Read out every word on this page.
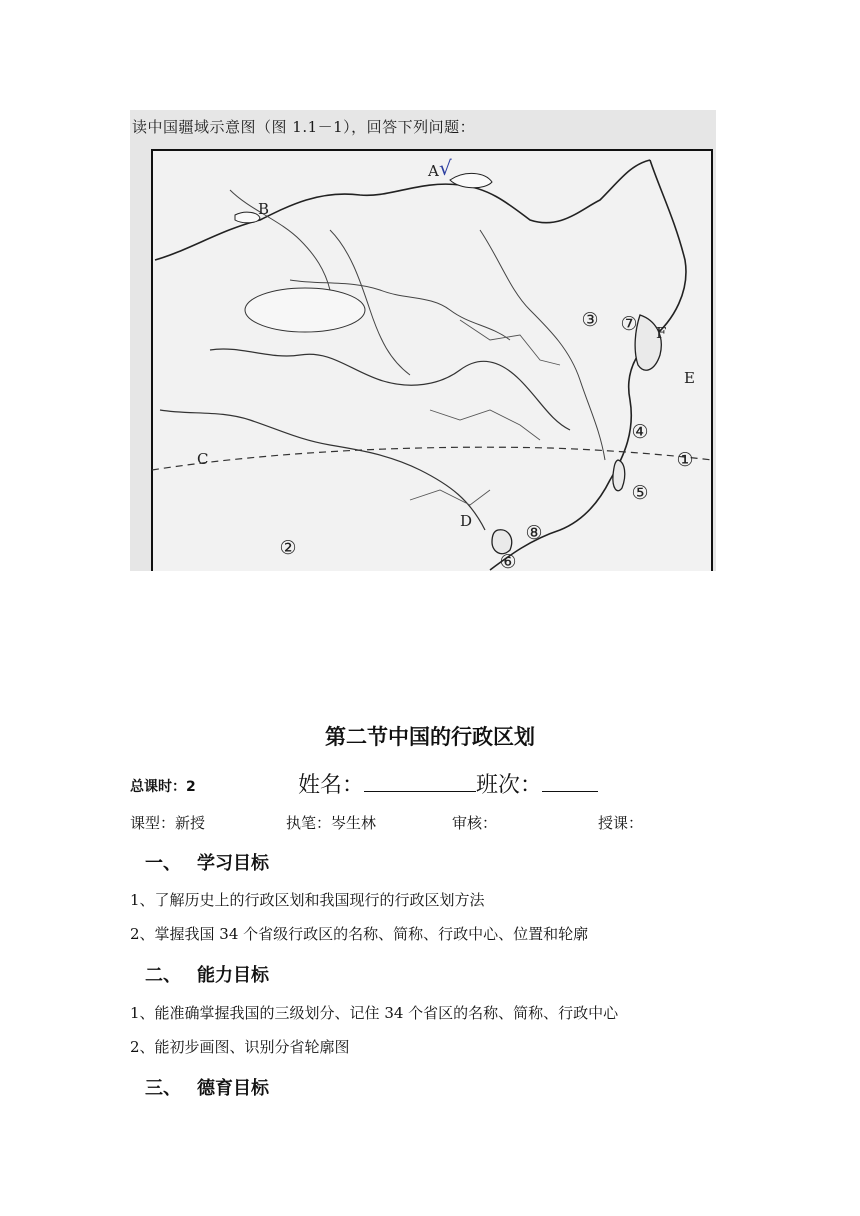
读中国疆域示意图（图 1.1－1），回答下列问题：
A √
B
C
D
E
F
①
②
③
④
⑤
⑥
⑦
⑧
第二节中国的行政区划
总课时：2	姓名：	班次：
课型：新授	执笔：岑生林	审核：	授课：
一、 学习目标
1、了解历史上的行政区划和我国现行的行政区划方法
2、掌握我国 34 个省级行政区的名称、简称、行政中心、位置和轮廓
二、 能力目标
1、能准确掌握我国的三级划分、记住 34 个省区的名称、简称、行政中心
2、能初步画图、识别分省轮廓图
三、 德育目标
